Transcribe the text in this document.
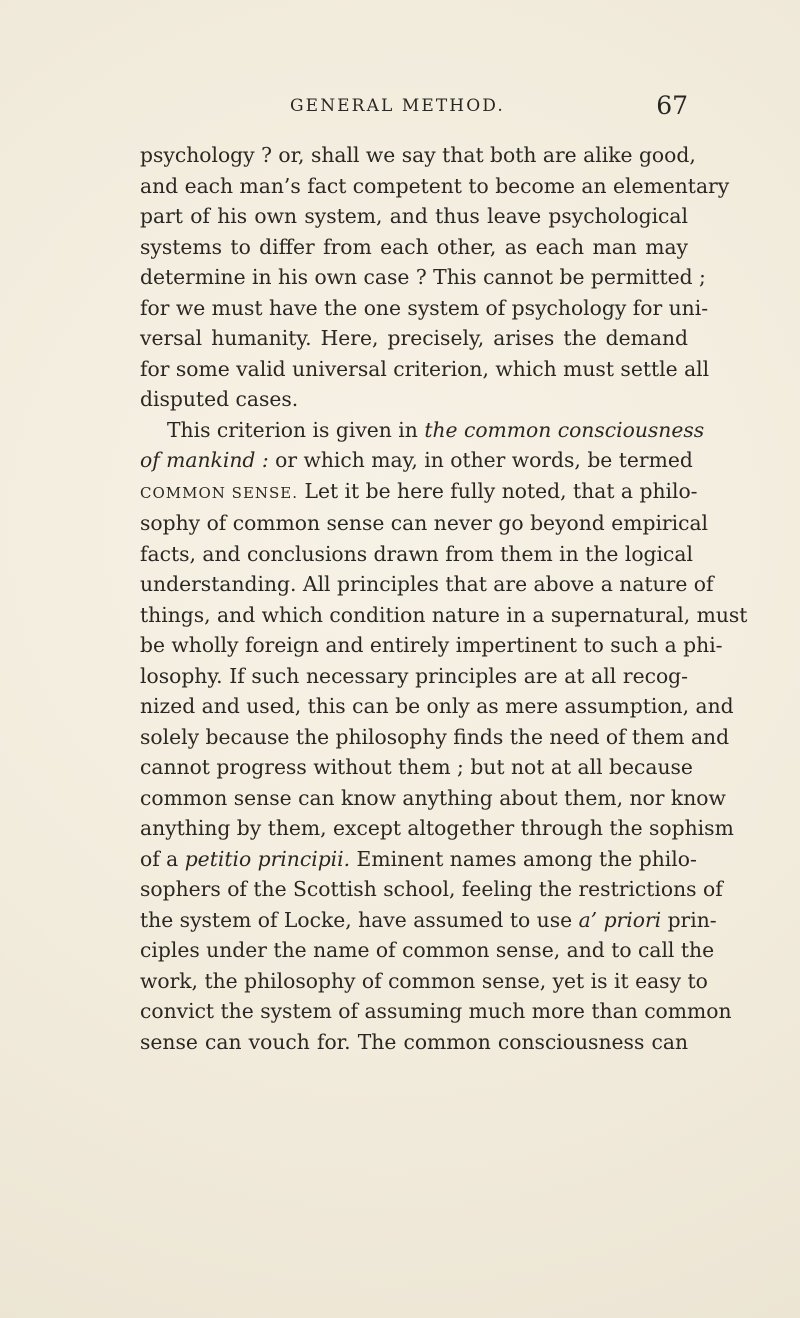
GENERAL METHOD.	67
psychology ? or, shall we say that both are alike good,
and each man’s fact competent to become an elementary
part of his own system, and thus leave psychological
systems to differ from each other, as each man may
determine in his own case ? This cannot be permitted ;
for we must have the one system of psychology for uni-
versal humanity. Here, precisely, arises the demand
for some valid universal criterion, which must settle all
disputed cases.
This criterion is given in the common consciousness
of mankind : or which may, in other words, be termed
COMMON SENSE. Let it be here fully noted, that a philo-
sophy of common sense can never go beyond empirical
facts, and conclusions drawn from them in the logical
understanding. All principles that are above a nature of
things, and which condition nature in a supernatural, must
be wholly foreign and entirely impertinent to such a phi-
losophy. If such necessary principles are at all recog-
nized and used, this can be only as mere assumption, and
solely because the philosophy finds the need of them and
cannot progress without them ; but not at all because
common sense can know anything about them, nor know
anything by them, except altogether through the sophism
of a petitio principii. Eminent names among the philo-
sophers of the Scottish school, feeling the restrictions of
the system of Locke, have assumed to use a’ priori prin-
ciples under the name of common sense, and to call the
work, the philosophy of common sense, yet is it easy to
convict the system of assuming much more than common
sense can vouch for. The common consciousness can
